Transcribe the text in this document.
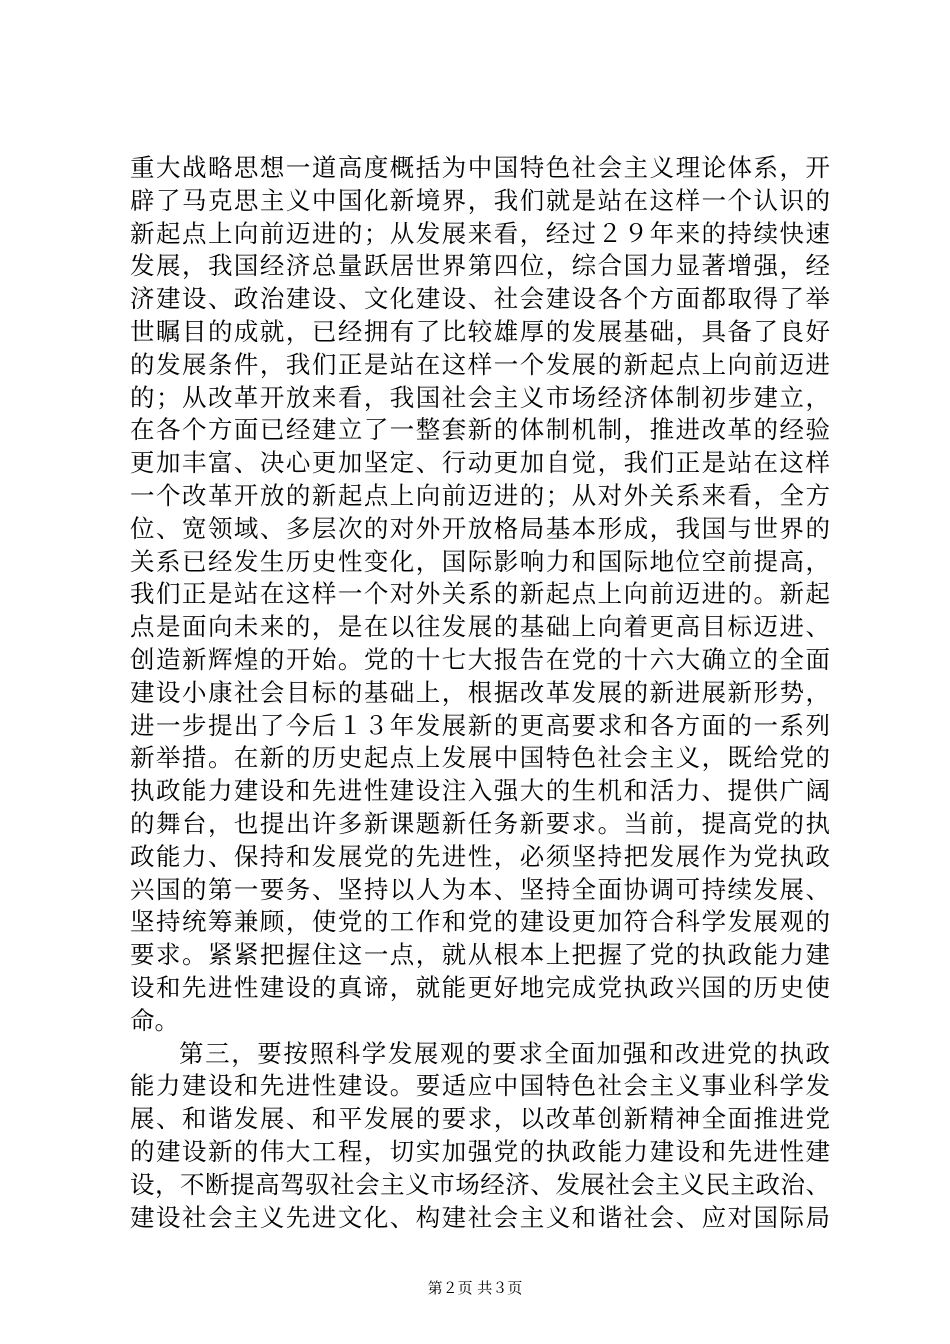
重大战略思想一道高度概括为中国特色社会主义理论体系，开
辟了马克思主义中国化新境界，我们就是站在这样一个认识的
新起点上向前迈进的；从发展来看，经过２９年来的持续快速
发展，我国经济总量跃居世界第四位，综合国力显著增强，经
济建设、政治建设、文化建设、社会建设各个方面都取得了举
世瞩目的成就，已经拥有了比较雄厚的发展基础，具备了良好
的发展条件，我们正是站在这样一个发展的新起点上向前迈进
的；从改革开放来看，我国社会主义市场经济体制初步建立，
在各个方面已经建立了一整套新的体制机制，推进改革的经验
更加丰富、决心更加坚定、行动更加自觉，我们正是站在这样
一个改革开放的新起点上向前迈进的；从对外关系来看，全方
位、宽领域、多层次的对外开放格局基本形成，我国与世界的
关系已经发生历史性变化，国际影响力和国际地位空前提高，
我们正是站在这样一个对外关系的新起点上向前迈进的。新起
点是面向未来的，是在以往发展的基础上向着更高目标迈进、
创造新辉煌的开始。党的十七大报告在党的十六大确立的全面
建设小康社会目标的基础上，根据改革发展的新进展新形势，
进一步提出了今后１３年发展新的更高要求和各方面的一系列
新举措。在新的历史起点上发展中国特色社会主义，既给党的
执政能力建设和先进性建设注入强大的生机和活力、提供广阔
的舞台，也提出许多新课题新任务新要求。当前，提高党的执
政能力、保持和发展党的先进性，必须坚持把发展作为党执政
兴国的第一要务、坚持以人为本、坚持全面协调可持续发展、
坚持统筹兼顾，使党的工作和党的建设更加符合科学发展观的
要求。紧紧把握住这一点，就从根本上把握了党的执政能力建
设和先进性建设的真谛，就能更好地完成党执政兴国的历史使
命。
第三，要按照科学发展观的要求全面加强和改进党的执政
能力建设和先进性建设。要适应中国特色社会主义事业科学发
展、和谐发展、和平发展的要求，以改革创新精神全面推进党
的建设新的伟大工程，切实加强党的执政能力建设和先进性建
设，不断提高驾驭社会主义市场经济、发展社会主义民主政治、
建设社会主义先进文化、构建社会主义和谐社会、应对国际局
第２页 共３页
